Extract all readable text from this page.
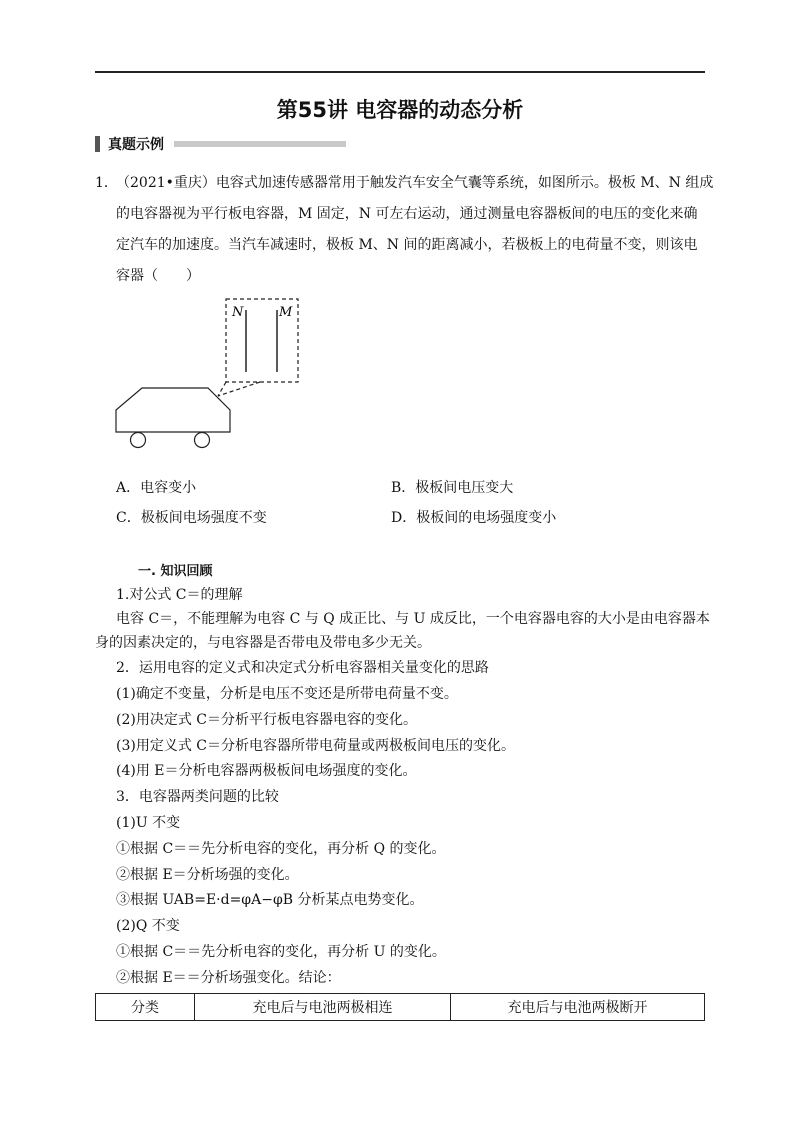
第55讲 电容器的动态分析
真题示例
1．
（2021•重庆）电容式加速传感器常用于触发汽车安全气囊等系统，如图所示。极板 M、N 组成
的电容器视为平行板电容器，M 固定，N 可左右运动，通过测量电容器板间的电压的变化来确
定汽车的加速度。当汽车减速时，极板 M、N 间的距离减小，若极板上的电荷量不变，则该电
容器（　　）
N	M
A．电容变小	B．极板间电压变大
C．极板间电场强度不变	D．极板间的电场强度变小
一. 知识回顾
1.对公式 C＝的理解
电容 C＝，不能理解为电容 C 与 Q 成正比、与 U 成反比，一个电容器电容的大小是由电容器本
身的因素决定的，与电容器是否带电及带电多少无关。
2．运用电容的定义式和决定式分析电容器相关量变化的思路
(1)确定不变量，分析是电压不变还是所带电荷量不变。
(2)用决定式 C＝分析平行板电容器电容的变化。
(3)用定义式 C＝分析电容器所带电荷量或两极板间电压的变化。
(4)用 E＝分析电容器两极板间电场强度的变化。
3．电容器两类问题的比较
(1)U 不变
①根据 C＝＝先分析电容的变化，再分析 Q 的变化。
②根据 E＝分析场强的变化。
③根据 UAB=E·d=φA−φB 分析某点电势变化。
(2)Q 不变
①根据 C＝＝先分析电容的变化，再分析 U 的变化。
②根据 E＝＝分析场强变化。结论：
分类	充电后与电池两极相连	充电后与电池两极断开
